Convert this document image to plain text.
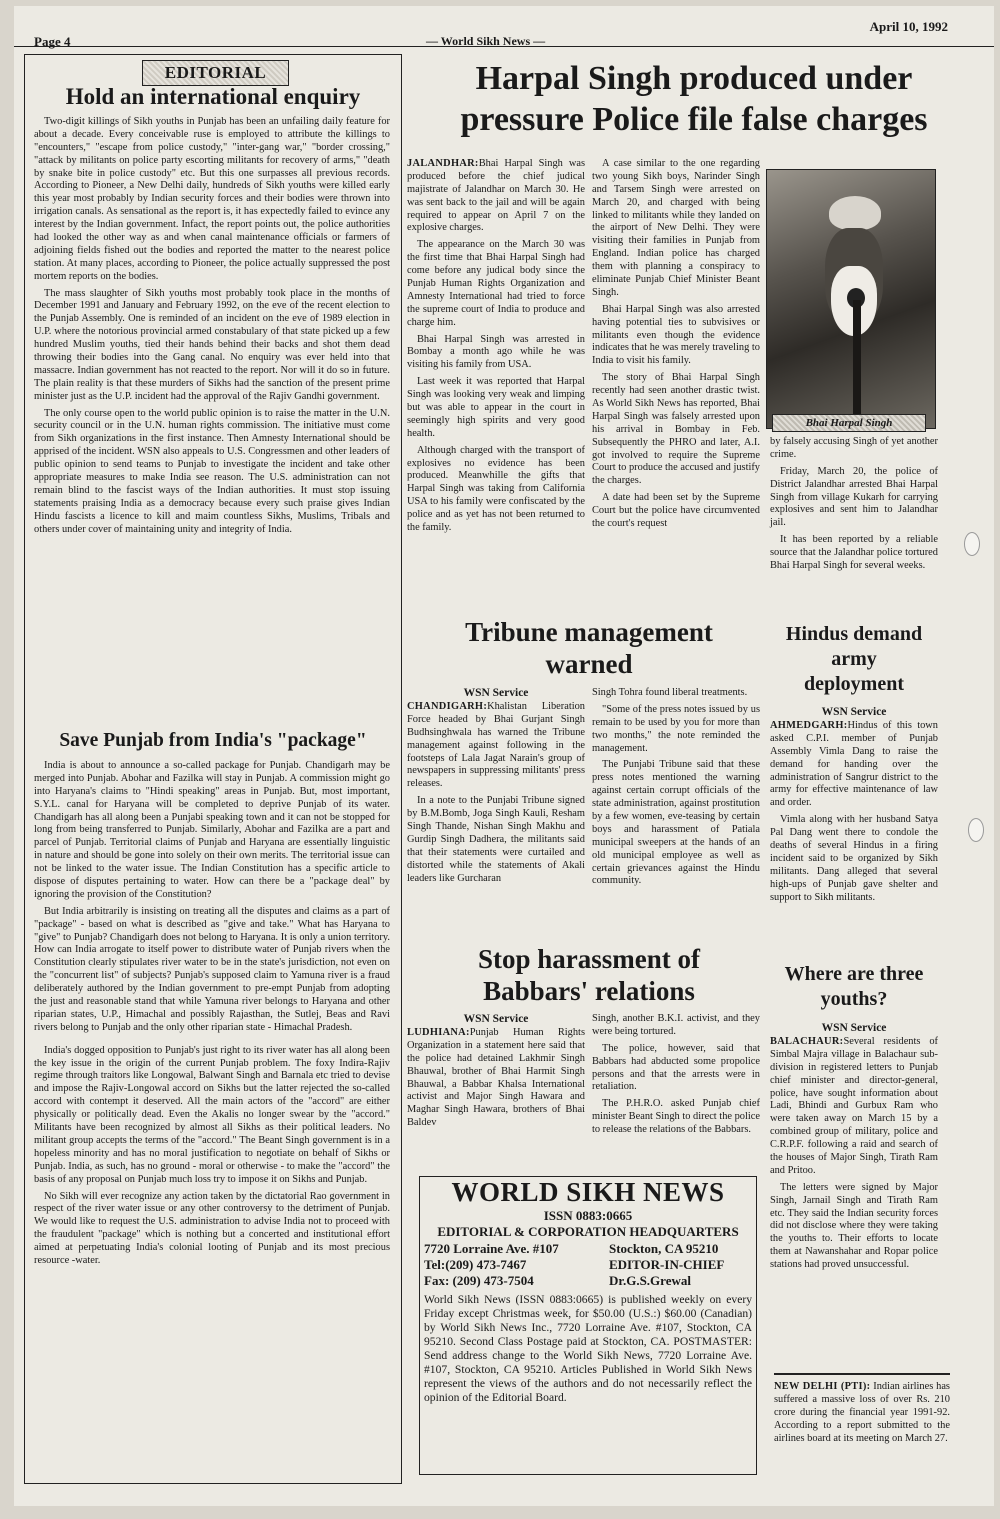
Page 4	— World Sikh News —
April 10, 1992
EDITORIAL
Hold an international enquiry

Two-digit killings of Sikh youths in Punjab has been an unfailing daily feature for about a decade. Every conceivable ruse is employed to attribute the killings to "encounters," "escape from police custody," "inter-gang war," "border crossing," "attack by militants on police party escorting militants for recovery of arms," "death by snake bite in police custody" etc. But this one surpasses all previous records. According to Pioneer, a New Delhi daily, hundreds of Sikh youths were killed early this year most probably by Indian security forces and their bodies were thrown into irrigation canals. As sensational as the report is, it has expectedly failed to evince any interest by the Indian government. Infact, the report points out, the police authorities had looked the other way as and when canal maintenance officials or farmers of adjoining fields fished out the bodies and reported the matter to the nearest police station. At many places, according to Pioneer, the police actually suppressed the post mortem reports on the bodies.

The mass slaughter of Sikh youths most probably took place in the months of December 1991 and January and February 1992, on the eve of the recent election to the Punjab Assembly. One is reminded of an incident on the eve of 1989 election in U.P. where the notorious provincial armed constabulary of that state picked up a few hundred Muslim youths, tied their hands behind their backs and shot them dead throwing their bodies into the Gang canal. No enquiry was ever held into that massacre. Indian government has not reacted to the report. Nor will it do so in future. The plain reality is that these murders of Sikhs had the sanction of the present prime minister just as the U.P. incident had the approval of the Rajiv Gandhi government.

The only course open to the world public opinion is to raise the matter in the U.N. security council or in the U.N. human rights commission. The initiative must come from Sikh organizations in the first instance. Then Amnesty International should be apprised of the incident. WSN also appeals to U.S. Congressmen and other leaders of public opinion to send teams to Punjab to investigate the incident and take other appropriate measures to make India see reason. The U.S. administration can not remain blind to the fascist ways of the Indian authorities. It must stop issuing statements praising India as a democracy because every such praise gives Indian Hindu fascists a licence to kill and maim countless Sikhs, Muslims, Tribals and others under cover of maintaining unity and integrity of India.

Save Punjab from India's "package"

India is about to announce a so-called package for Punjab. Chandigarh may be merged into Punjab. Abohar and Fazilka will stay in Punjab. A commission might go into Haryana's claims to "Hindi speaking" areas in Punjab. But, most important, S.Y.L. canal for Haryana will be completed to deprive Punjab of its water. Chandigarh has all along been a Punjabi speaking town and it can not be stopped for long from being transferred to Punjab. Similarly, Abohar and Fazilka are a part and parcel of Punjab. Territorial claims of Punjab and Haryana are essentially linguistic in nature and should be gone into solely on their own merits. The territorial issue can not be linked to the water issue. The Indian Constitution has a specific article to dispose of disputes pertaining to water. How can there be a "package deal" by ignoring the provision of the Constitution?

But India arbitrarily is insisting on treating all the disputes and claims as a part of "package" - based on what is described as "give and take." What has Haryana to "give" to Punjab? Chandigarh does not belong to Haryana. It is only a union territory. How can India arrogate to itself power to distribute water of Punjab rivers when the Constitution clearly stipulates river water to be in the state's jurisdiction, not even on the "concurrent list" of subjects? Punjab's supposed claim to Yamuna river is a fraud deliberately authored by the Indian government to pre-empt Punjab from adopting the just and reasonable stand that while Yamuna river belongs to Haryana and other riparian states, U.P., Himachal and possibly Rajasthan, the Sutlej, Beas and Ravi rivers belong to Punjab and the only other riparian state - Himachal Pradesh.

India's dogged opposition to Punjab's just right to its river water has all along been the key issue in the origin of the current Punjab problem. The foxy Indira-Rajiv regime through traitors like Longowal, Balwant Singh and Barnala etc tried to devise and impose the Rajiv-Longowal accord on Sikhs but the latter rejected the so-called accord with contempt it deserved. All the main actors of the "accord" are either physically or politically dead. Even the Akalis no longer swear by the "accord." Militants have been recognized by almost all Sikhs as their political leaders. No militant group accepts the terms of the "accord." The Beant Singh government is in a hopeless minority and has no moral justification to negotiate on behalf of Sikhs or Punjab. India, as such, has no ground - moral or otherwise - to make the "accord" the basis of any proposal on Punjab much loss try to impose it on Sikhs and Punjab.

No Sikh will ever recognize any action taken by the dictatorial Rao government in respect of the river water issue or any other controversy to the detriment of Punjab. We would like to request the U.S. administration to advise India not to proceed with the fraudulent "package" which is nothing but a concerted and institutional effort aimed at perpetuating India's colonial looting of Punjab and its most precious resource -water.

Harpal Singh produced under
pressure Police file false charges

JALANDHAR:Bhai Harpal Singh was produced before the chief judical majistrate of Jalandhar on March 30. He was sent back to the jail and will be again required to appear on April 7 on the explosive charges.

The appearance on the March 30 was the first time that Bhai Harpal Singh had come before any judical body since the Punjab Human Rights Organization and Amnesty International had tried to force the supreme court of India to produce and charge him.

Bhai Harpal Singh was arrested in Bombay a month ago while he was visiting his family from USA.

Last week it was reported that Harpal Singh was looking very weak and limping but was able to appear in the court in seemingly high spirits and very good health.

Although charged with the transport of explosives no evidence has been produced. Meanwhille the gifts that Harpal Singh was taking from California USA to his family were confiscated by the police and as yet has not been returned to the family.

A case similar to the one regarding two young Sikh boys, Narinder Singh and Tarsem Singh were arrested on March 20, and charged with being linked to militants while they landed on the airport of New Delhi. They were visiting their families in Punjab from England. Indian police has charged them with planning a conspiracy to eliminate Punjab Chief Minister Beant Singh.

Bhai Harpal Singh was also arrested having potential ties to subvisives or militants even though the evidence indicates that he was merely traveling to India to visit his family.

The story of Bhai Harpal Singh recently had seen another drastic twist. As World Sikh News has reported, Bhai Harpal Singh was falsely arrested upon his arrival in Bombay in Feb. Subsequently the PHRO and later, A.I. got involved to require the Supreme Court to produce the accused and justify the charges.

A date had been set by the Supreme Court but the police have circumvented the court's request

Bhai Harpal Singh

by falsely accusing Singh of yet another crime.

Friday, March 20, the police of District Jalandhar arrested Bhai Harpal Singh from village Kukarh for carrying explosives and sent him to Jalandhar jail.

It has been reported by a reliable source that the Jalandhar police tortured Bhai Harpal Singh for several weeks.

Tribune management
warned
WSN Service

CHANDIGARH:Khalistan Liberation Force headed by Bhai Gurjant Singh Budhsinghwala has warned the Tribune management against following in the footsteps of Lala Jagat Narain's group of newspapers in suppressing militants' press releases.

In a note to the Punjabi Tribune signed by B.M.Bomb, Joga Singh Kauli, Resham Singh Thande, Nishan Singh Makhu and Gurdip Singh Dadhera, the militants said that their statements were curtailed and distorted while the statements of Akali leaders like Gurcharan

Singh Tohra found liberal treatments.

"Some of the press notes issued by us remain to be used by you for more than two months," the note reminded the management.

The Punjabi Tribune said that these press notes mentioned the warning against certain corrupt officials of the state administration, against prostitution by a few women, eve-teasing by certain boys and harassment of Patiala municipal sweepers at the hands of an old municipal employee as well as certain grievances against the Hindu community.

Hindus demand
army
deployment
WSN Service

AHMEDGARH:Hindus of this town asked C.P.I. member of Punjab Assembly Vimla Dang to raise the demand for handing over the administration of Sangrur district to the army for effective maintenance of law and order.

Vimla along with her husband Satya Pal Dang went there to condole the deaths of several Hindus in a firing incident said to be organized by Sikh militants. Dang alleged that several high-ups of Punjab gave shelter and support to Sikh militants.

Stop harassment of
Babbars' relations
WSN Service

LUDHIANA:Punjab Human Rights Organization in a statement here said that the police had detained Lakhmir Singh Bhauwal, brother of Bhai Harmit Singh Bhauwal, a Babbar Khalsa International activist and Major Singh Hawara and Maghar Singh Hawara, brothers of Bhai Baldev

Singh, another B.K.I. activist, and they were being tortured.

The police, however, said that Babbars had abducted some propolice persons and that the arrests were in retaliation.

The P.H.R.O. asked Punjab chief minister Beant Singh to direct the police to release the relations of the Babbars.

Where are three
youths?
WSN Service

BALACHAUR:Several residents of Simbal Majra village in Balachaur sub-division in registered letters to Punjab chief minister and director-general, police, have sought information about Ladi, Bhindi and Gurbux Ram who were taken away on March 15 by a combined group of military, police and C.R.P.F. following a raid and search of the houses of Major Singh, Tirath Ram and Pritoo.

The letters were signed by Major Singh, Jarnail Singh and Tirath Ram etc. They said the Indian security forces did not disclose where they were taking the youths to. Their efforts to locate them at Nawanshahar and Ropar police stations had proved unsuccessful.

WORLD SIKH NEWS
ISSN 0883:0665
EDITORIAL & CORPORATION HEADQUARTERS
7720 Lorraine Ave. #107	Stockton, CA 95210
Tel:(209) 473-7467	EDITOR-IN-CHIEF
Fax: (209) 473-7504	Dr.G.S.Grewal
World Sikh News (ISSN 0883:0665) is published weekly on every Friday except Christmas week, for $50.00 (U.S.:) $60.00 (Canadian) by World Sikh News Inc., 7720 Lorraine Ave. #107, Stockton, CA 95210. Second Class Postage paid at Stockton, CA. POSTMASTER: Send address change to the World Sikh News, 7720 Lorraine Ave. #107, Stockton, CA 95210. Articles Published in World Sikh News represent the views of the authors and do not necessarily reflect the opinion of the Editorial Board.

NEW DELHI (PTI): Indian airlines has suffered a massive loss of over Rs. 210 crore during the financial year 1991-92. According to a report submitted to the airlines board at its meeting on March 27.
